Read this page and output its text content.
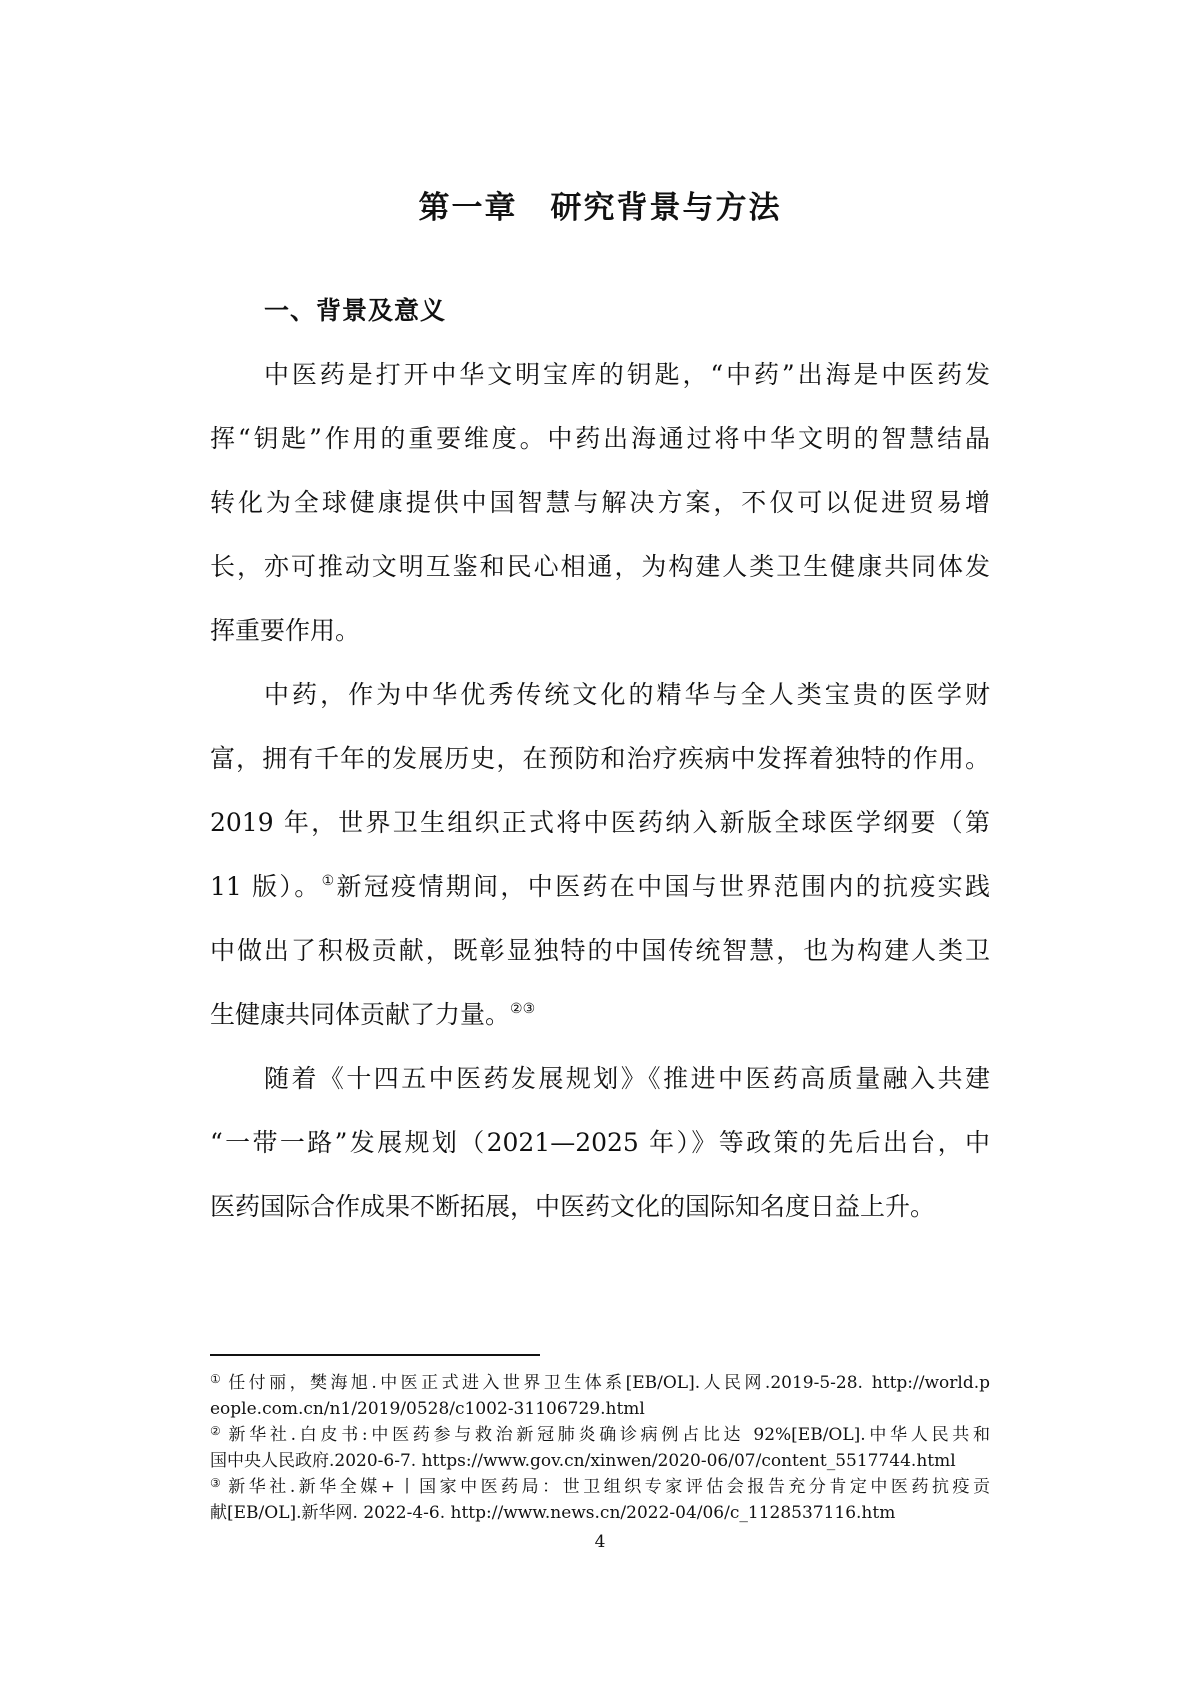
第一章　研究背景与方法
一、背景及意义
中医药是打开中华文明宝库的钥匙，“中药”出海是中医药发
挥“钥匙”作用的重要维度。中药出海通过将中华文明的智慧结晶
转化为全球健康提供中国智慧与解决方案，不仅可以促进贸易增
长，亦可推动文明互鉴和民心相通，为构建人类卫生健康共同体发
挥重要作用。
中药，作为中华优秀传统文化的精华与全人类宝贵的医学财
富，拥有千年的发展历史，在预防和治疗疾病中发挥着独特的作用。
2019 年，世界卫生组织正式将中医药纳入新版全球医学纲要（第
11 版）。①新冠疫情期间，中医药在中国与世界范围内的抗疫实践
中做出了积极贡献，既彰显独特的中国传统智慧，也为构建人类卫
生健康共同体贡献了力量。②③
随着《十四五中医药发展规划》《推进中医药高质量融入共建
“一带一路”发展规划（2021—2025 年）》等政策的先后出台，中
医药国际合作成果不断拓展，中医药文化的国际知名度日益上升。
① 任付丽，樊海旭.中医正式进入世界卫生体系[EB/OL].人民网.2019-5-28. http://world.p
eople.com.cn/n1/2019/0528/c1002-31106729.html
② 新华社.白皮书:中医药参与救治新冠肺炎确诊病例占比达 92%[EB/OL].中华人民共和
国中央人民政府.2020-6-7. https://www.gov.cn/xinwen/2020-06/07/content_5517744.html
③ 新华社.新华全媒+丨国家中医药局：世卫组织专家评估会报告充分肯定中医药抗疫贡
献[EB/OL].新华网. 2022-4-6. http://www.news.cn/2022-04/06/c_1128537116.htm
4
